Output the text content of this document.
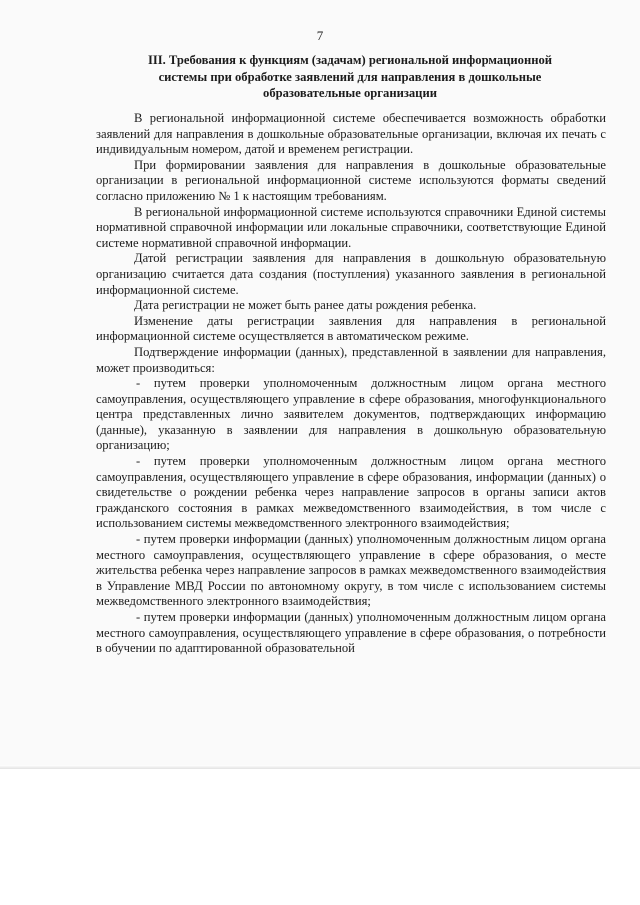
7
III. Требования к функциям (задачам) региональной информационной
системы при обработке заявлений для направления в дошкольные
образовательные организации

В региональной информационной системе обеспечивается возможность обработки заявлений для направления в дошкольные образовательные организации, включая их печать с индивидуальным номером, датой и временем регистрации.

При формировании заявления для направления в дошкольные образовательные организации в региональной информационной системе используются форматы сведений согласно приложению № 1 к настоящим требованиям.

В региональной информационной системе используются справочники Единой системы нормативной справочной информации или локальные справочники, соответствующие Единой системе нормативной справочной информации.

Датой регистрации заявления для направления в дошкольную образовательную организацию считается дата создания (поступления) указанного заявления в региональной информационной системе.

Дата регистрации не может быть ранее даты рождения ребенка.

Изменение даты регистрации заявления для направления в региональной информационной системе осуществляется в автоматическом режиме.

Подтверждение информации (данных), представленной в заявлении для направления, может производиться:

- путем проверки уполномоченным должностным лицом органа местного самоуправления, осуществляющего управление в сфере образования, многофункционального центра представленных лично заявителем документов, подтверждающих информацию (данные), указанную в заявлении для направления в дошкольную образовательную организацию;

- путем проверки уполномоченным должностным лицом органа местного самоуправления, осуществляющего управление в сфере образования, информации (данных) о свидетельстве о рождении ребенка через направление запросов в органы записи актов гражданского состояния в рамках межведомственного взаимодействия, в том числе с использованием системы межведомственного электронного взаимодействия;

- путем проверки информации (данных) уполномоченным должностным лицом органа местного самоуправления, осуществляющего управление в сфере образования, о месте жительства ребенка через направление запросов в рамках межведомственного взаимодействия в Управление МВД России по автономному округу, в том числе с использованием системы межведомственного электронного взаимодействия;

- путем проверки информации (данных) уполномоченным должностным лицом органа местного самоуправления, осуществляющего управление в сфере образования, о потребности в обучении по адаптированной образовательной
